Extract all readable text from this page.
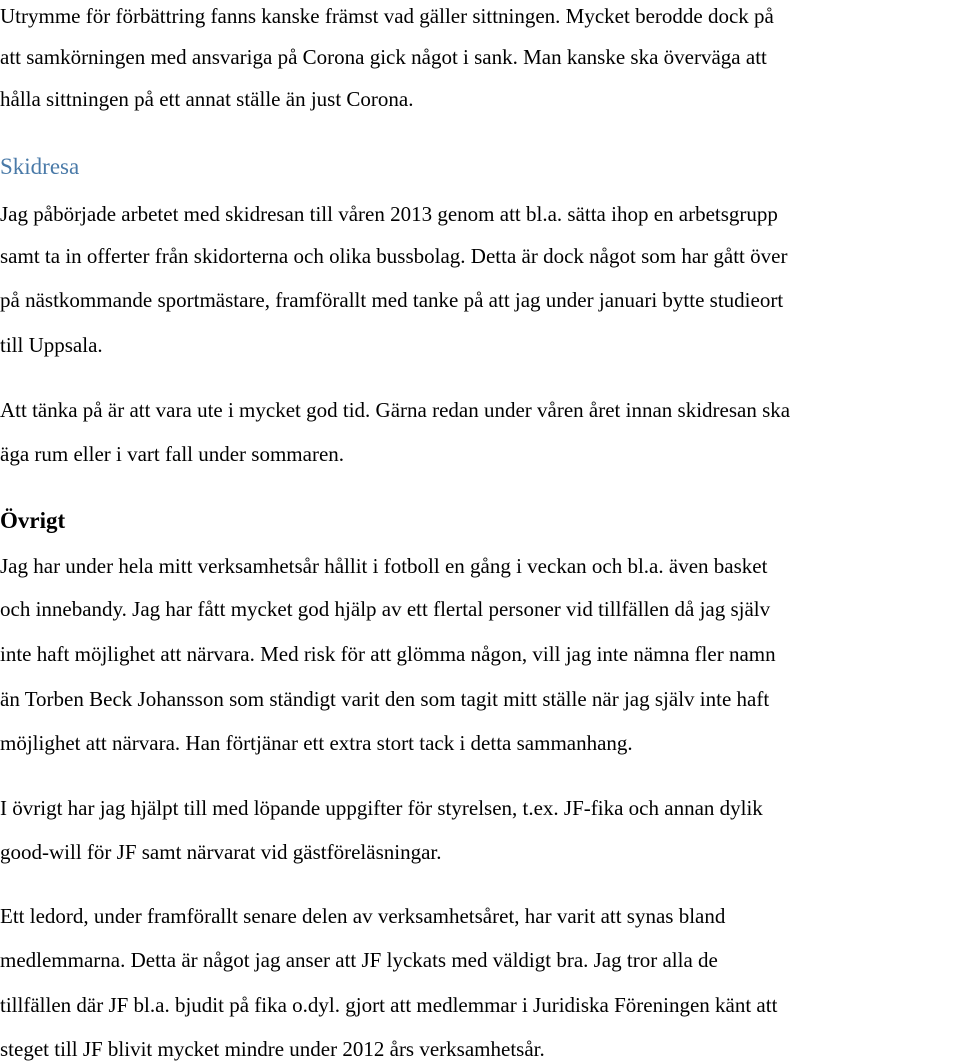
Utrymme för förbättring fanns kanske främst vad gäller sittningen. Mycket berodde dock på
att samkörningen med ansvariga på Corona gick något i sank. Man kanske ska överväga att
hålla sittningen på ett annat ställe än just Corona.
Skidresa
Jag påbörjade arbetet med skidresan till våren 2013 genom att bl.a. sätta ihop en arbetsgrupp
samt ta in offerter från skidorterna och olika bussbolag. Detta är dock något som har gått över
på nästkommande sportmästare, framförallt med tanke på att jag under januari bytte studieort
till Uppsala.
Att tänka på är att vara ute i mycket god tid. Gärna redan under våren året innan skidresan ska
äga rum eller i vart fall under sommaren.
Övrigt
Jag har under hela mitt verksamhetsår hållit i fotboll en gång i veckan och bl.a. även basket
och innebandy. Jag har fått mycket god hjälp av ett flertal personer vid tillfällen då jag själv
inte haft möjlighet att närvara. Med risk för att glömma någon, vill jag inte nämna fler namn
än Torben Beck Johansson som ständigt varit den som tagit mitt ställe när jag själv inte haft
möjlighet att närvara. Han förtjänar ett extra stort tack i detta sammanhang.
I övrigt har jag hjälpt till med löpande uppgifter för styrelsen, t.ex. JF-fika och annan dylik
good-will för JF samt närvarat vid gästföreläsningar.
Ett ledord, under framförallt senare delen av verksamhetsåret, har varit att synas bland
medlemmarna. Detta är något jag anser att JF lyckats med väldigt bra. Jag tror alla de
tillfällen där JF bl.a. bjudit på fika o.dyl. gjort att medlemmar i Juridiska Föreningen känt att
steget till JF blivit mycket mindre under 2012 års verksamhetsår.
